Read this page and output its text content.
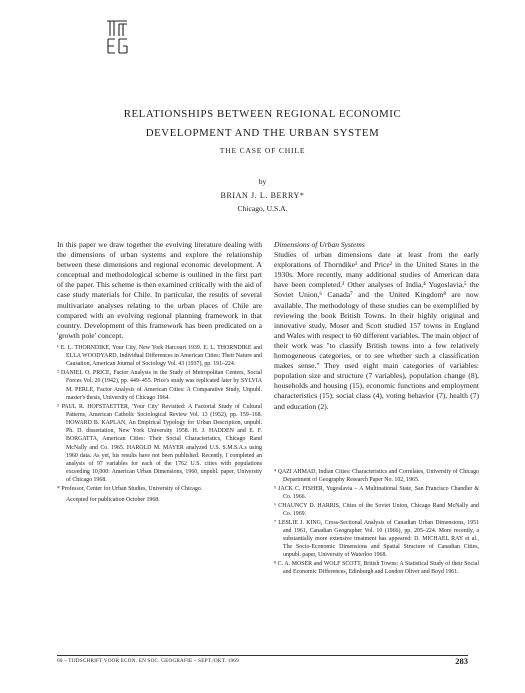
RELATIONSHIPS BETWEEN REGIONAL ECONOMIC
DEVELOPMENT AND THE URBAN SYSTEM
THE CASE OF CHILE
by
BRIAN J. L. BERRY*
Chicago, U.S.A.

In this paper we draw together the evolving literature dealing with the dimensions of urban systems and explore the relationship between these dimensions and regional economic development. A conceptual and methodological scheme is outlined in the first part of the paper. This scheme is then examined critically with the aid of case study materials for Chile. In particular, the results of several multivariate analyses relating to the urban places of Chile are compared with an evolving regional planning framework in that country. Development of this framework has been predicated on a 'growth pole' concept.

¹ E. L. THORNDIKE, Your City, New York Harcourt 1939. E. L. THORNDIKE and ELLA WOODYARD, Individual Differences in American Cities: Their Nature and Causation, American Journal of Sociology Vol. 43 (1937), pp. 191–224.
² DANIEL O. PRICE, Factor Analysis in the Study of Metropolitan Centers, Social Forces Vol. 20 (1942), pp. 449–455. Price's study was replicated later by SYLVIA M. PERLE, Factor Analysis of American Cities: A Comparative Study, Unpubl. master's thesis, University of Chicago 1964.
³ PAUL R. HOFSTAETTER, 'Your City' Revisited: A Factorial Study of Cultural Patterns, American Catholic Sociological Review Vol. 13 (1952), pp. 159–168. HOWARD B. KAPLAN, An Empirical Typology for Urban Description, unpubl. Ph. D. dissertation, New York University 1958. H. J. HADDEN and E. F. BORGATTA, American Cities: Their Social Characteristics, Chicago Rand McNally and Co. 1965. HAROLD M. MAYER analyzed U.S. S.M.S.A.s using 1960 data. As yet, his results have not been published. Recently, I completed an analysis of 97 variables for each of the 1762 U.S. cities with populations exceeding 10,000: American Urban Dimensions, 1960, unpubl. paper, University of Chicago 1968.
* Professor, Center for Urban Studies, University of Chicago.

Accepted for publication October 1968.

Dimensions of Urban Systems

Studies of urban dimensions date at least from the early explorations of Thorndike¹ and Price² in the United States in the 1930s. More recently, many additional studies of American data have been completed.³ Other analyses of India,⁴ Yugoslavia,⁵ the Soviet Union,⁶ Canada⁷ and the United Kingdom⁸ are now available. The methodology of these studies can be exemplified by reviewing the book British Towns. In their highly original and innovative study, Moser and Scott studied 157 towns in England and Wales with respect to 60 different variables. The main object of their work was "to classify British towns into a few relatively homogeneous categories, or to see whether such a classification makes sense." They used eight main categories of variables: population size and structure (7 variables), population change (8), households and housing (15), economic functions and employment characteristics (15), social class (4), voting behavior (7), health (7) and education (2).

⁴ QAZI AHMAD, Indian Cities: Characteristics and Correlates, University of Chicago Department of Geography Research Paper No. 102, 1965.
⁵ JACK C. FISHER, Yugoslavia – A Multinational State, San Francisco Chandler & Co. 1966.
⁶ CHAUNCY D. HARRIS, Cities of the Soviet Union, Chicago Rand McNally and Co. 1969.
⁷ LESLIE J. KING, Cross-Sectional Analysis of Canadian Urban Dimensions, 1951 and 1961, Canadian Geographer Vol. 10 (1966), pp. 205–224. More recently, a substantially more extensive treatment has appeared: D. MICHAEL RAY et al., The Socio-Economic Dimensions and Spatial Structure of Canadian Cities, unpubl. paper, University of Waterloo 1968.
⁸ C. A. MOSER and WOLF SCOTT, British Towns: A Statistical Study of their Social and Economic Differences, Edinburgh and London Oliver and Boyd 1961.
60 – TIJDSCHRIFT VOOR ECON. EN SOC. GEOGRAFIE – SEPT./OKT. 1969	283
